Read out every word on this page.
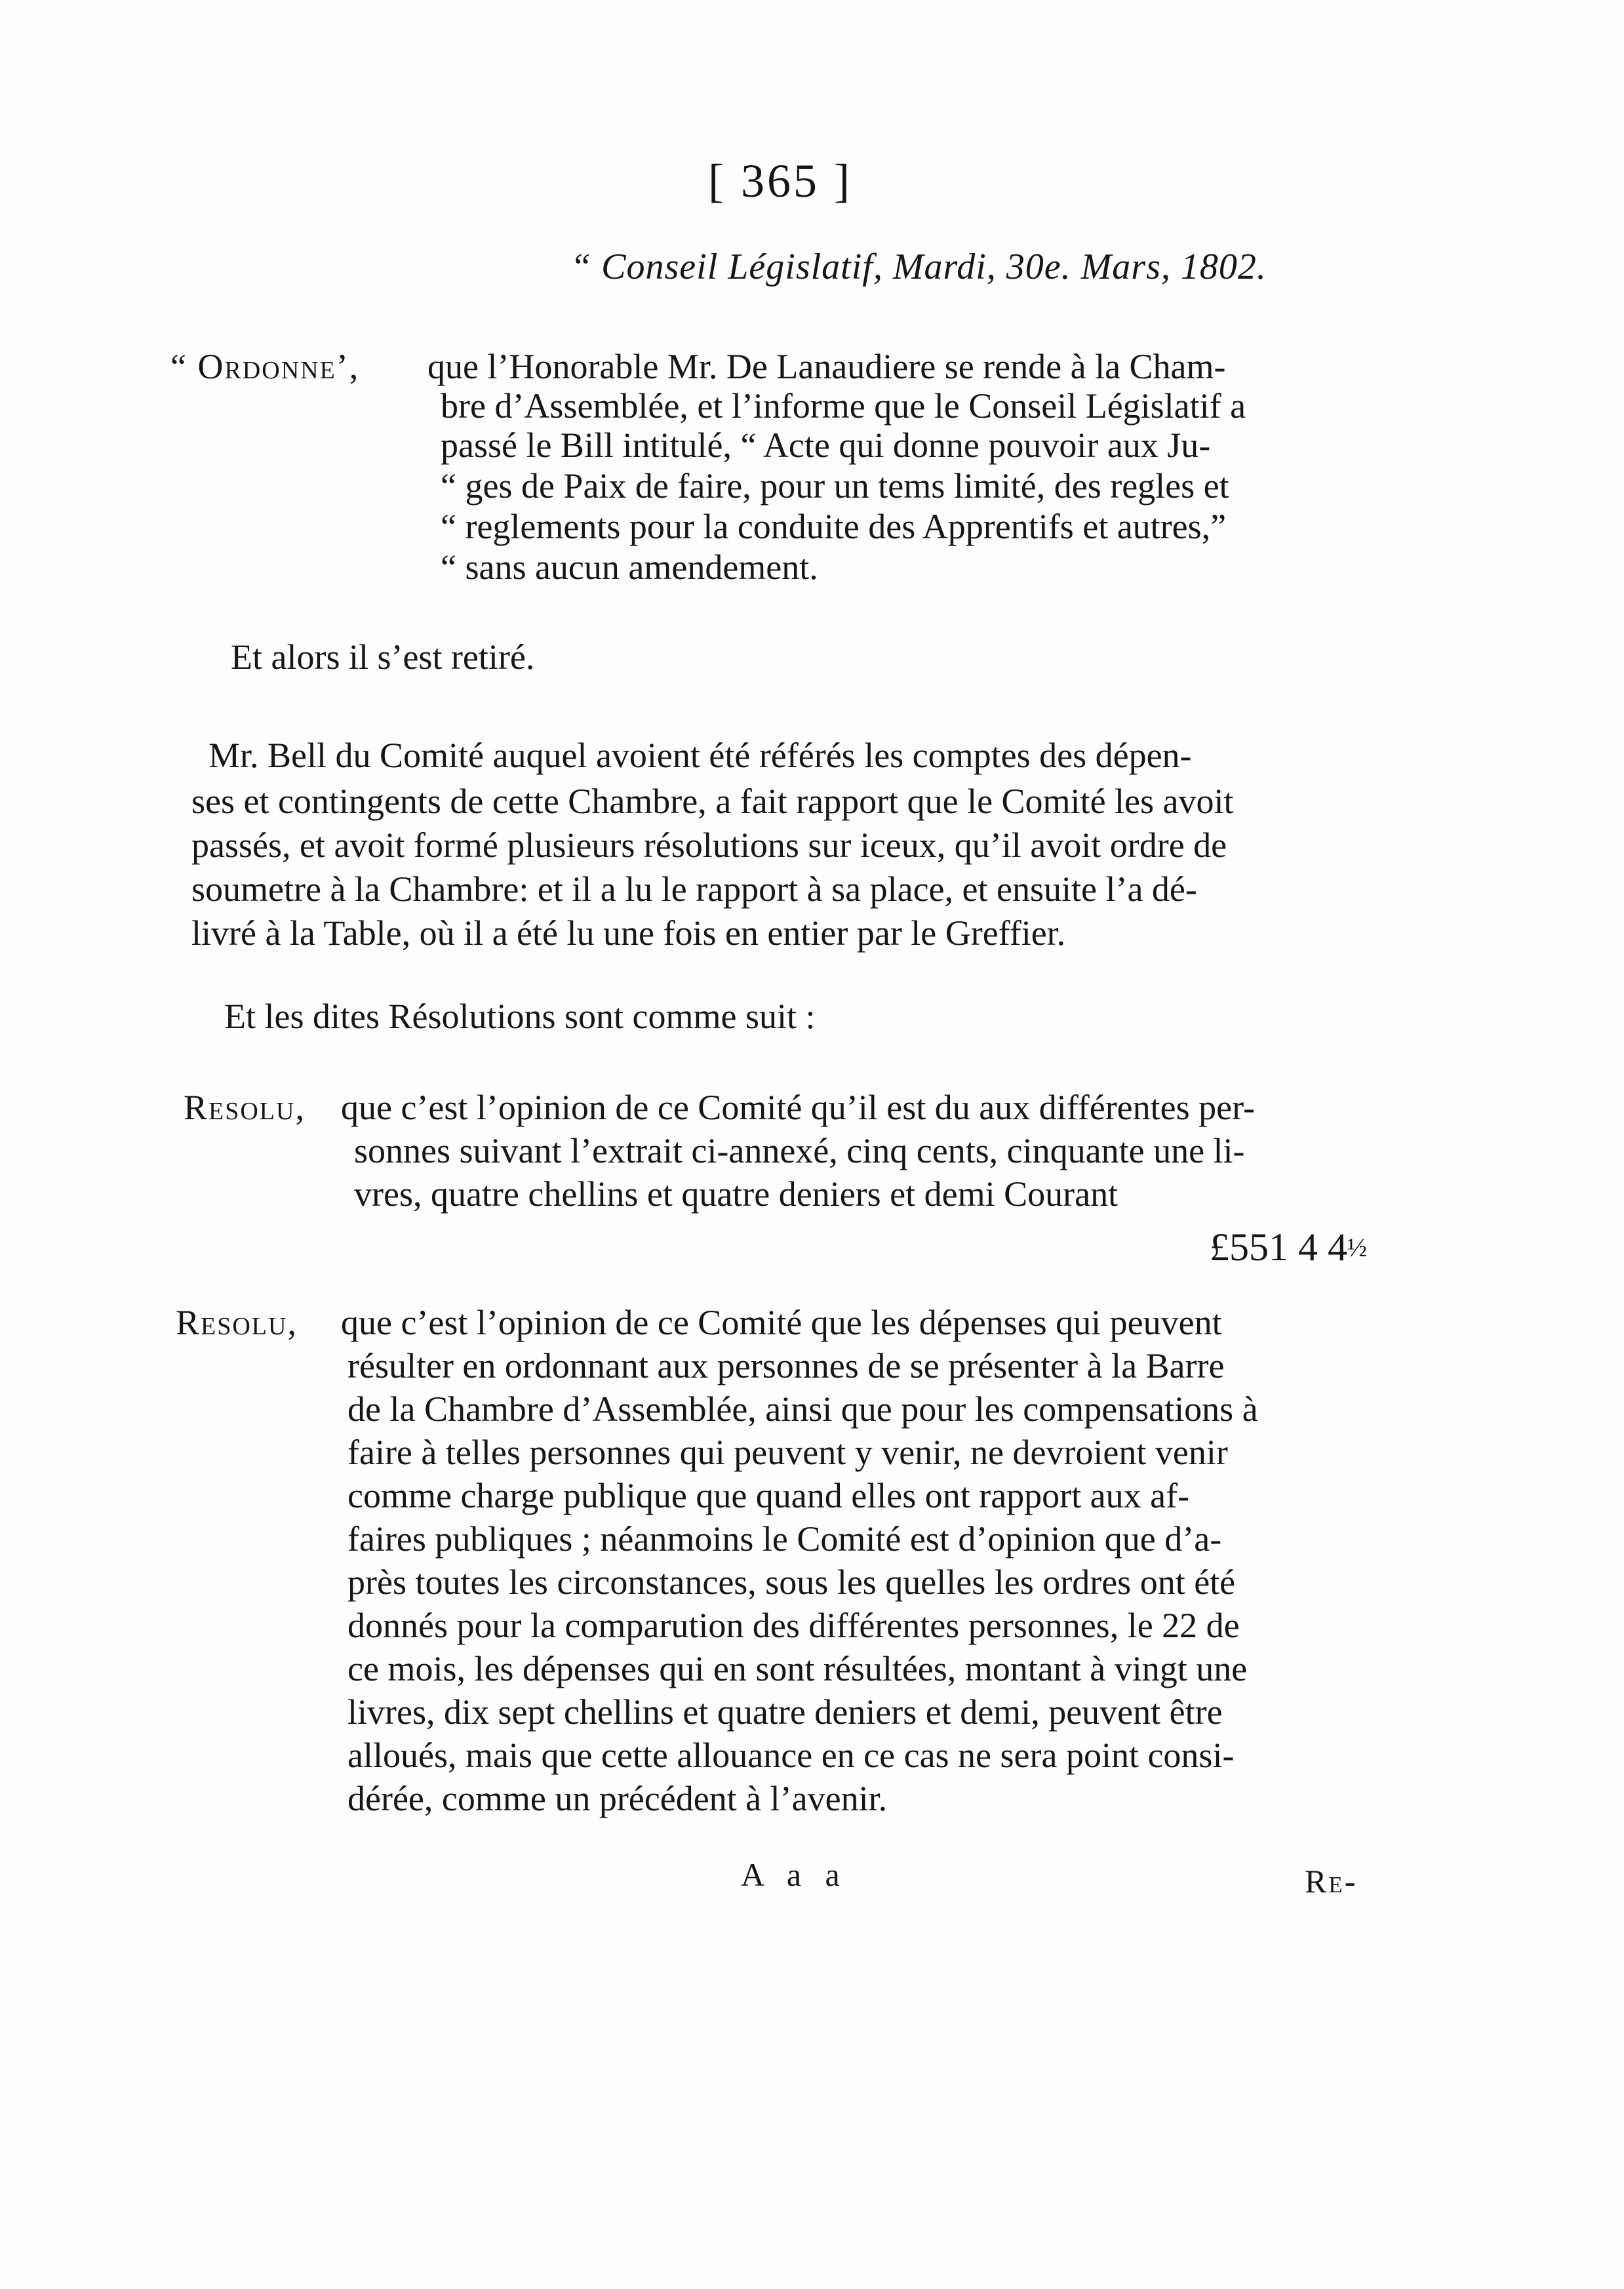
[ 365 ]
“ Conseil Législatif, Mardi, 30e. Mars, 1802.
“ Ordonne’, que l’Honorable Mr. De Lanaudiere se rende à la Cham-
bre d’Assemblée, et l’informe que le Conseil Législatif a
passé le Bill intitulé, “ Acte qui donne pouvoir aux Ju-
“ ges de Paix de faire, pour un tems limité, des regles et
“ reglements pour la conduite des Apprentifs et autres,”
“ sans aucun amendement.
Et alors il s’est retiré.
Mr. Bell du Comité auquel avoient été référés les comptes des dépen-
ses et contingents de cette Chambre, a fait rapport que le Comité les avoit
passés, et avoit formé plusieurs résolutions sur iceux, qu’il avoit ordre de
soumetre à la Chambre: et il a lu le rapport à sa place, et ensuite l’a dé-
livré à la Table, où il a été lu une fois en entier par le Greffier.
Et les dites Résolutions sont comme suit :
Resolu, que c’est l’opinion de ce Comité qu’il est du aux différentes per-
sonnes suivant l’extrait ci-annexé, cinq cents, cinquante une li-
vres, quatre chellins et quatre deniers et demi Courant
£551 4 4½
Resolu, que c’est l’opinion de ce Comité que les dépenses qui peuvent
résulter en ordonnant aux personnes de se présenter à la Barre
de la Chambre d’Assemblée, ainsi que pour les compensations à
faire à telles personnes qui peuvent y venir, ne devroient venir
comme charge publique que quand elles ont rapport aux af-
faires publiques ; néanmoins le Comité est d’opinion que d’a-
près toutes les circonstances, sous les quelles les ordres ont été
donnés pour la comparution des différentes personnes, le 22 de
ce mois, les dépenses qui en sont résultées, montant à vingt une
livres, dix sept chellins et quatre deniers et demi, peuvent être
alloués, mais que cette allouance en ce cas ne sera point consi-
dérée, comme un précédent à l’avenir.
A a a	Re-
